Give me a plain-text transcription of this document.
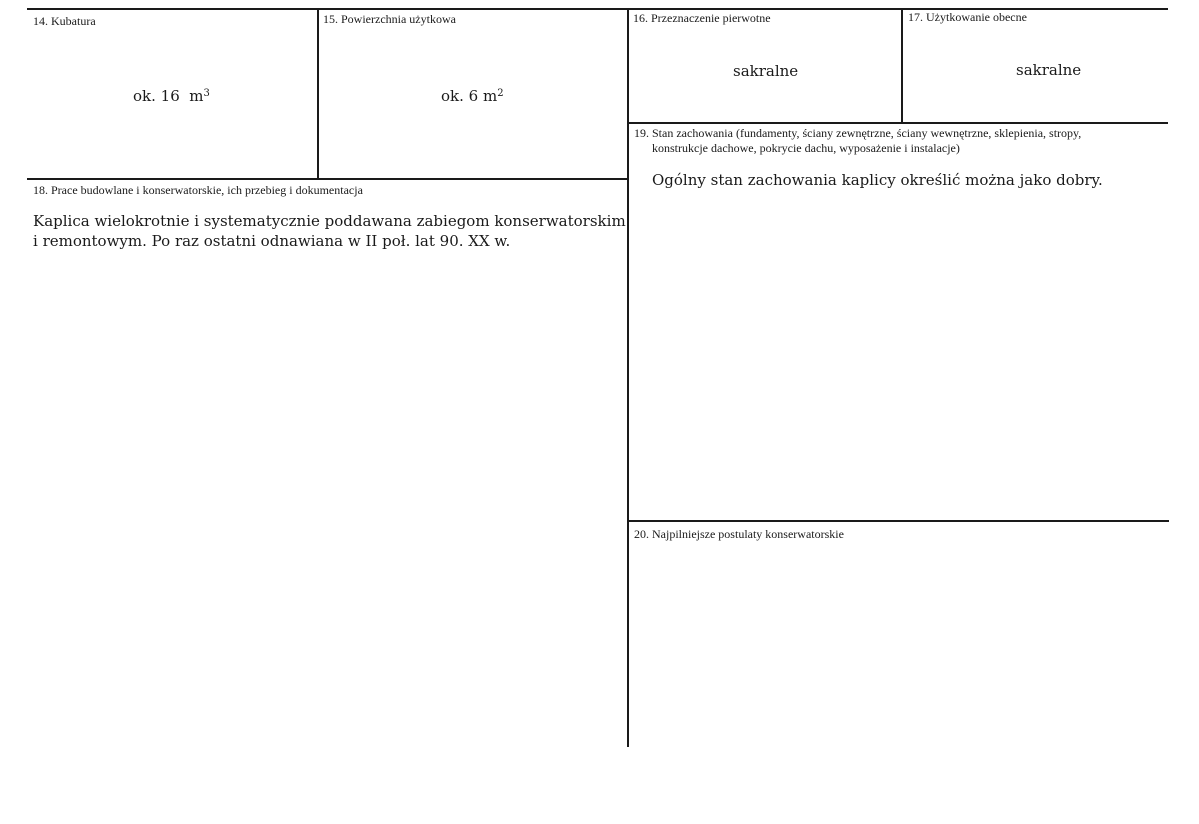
14. Kubatura
ok. 16 $m^3$
15. Powierzchnia użytkowa
ok. 6 $m^2$
16. Przeznaczenie pierwotne
sakralne
17. Użytkowanie obecne
sakralne
18. Prace budowlane i konserwatorskie, ich przebieg i dokumentacja
Kaplica wielokrotnie i systematycznie poddawana zabiegom konserwatorskim
i remontowym. Po raz ostatni odnawiana w II poł. lat 90. XX w.
19. Stan zachowania (fundamenty, ściany zewnętrzne, ściany wewnętrzne, sklepienia, stropy,
konstrukcje dachowe, pokrycie dachu, wyposażenie i instalacje)
Ogólny stan zachowania kaplicy określić można jako dobry.
20. Najpilniejsze postulaty konserwatorskie
